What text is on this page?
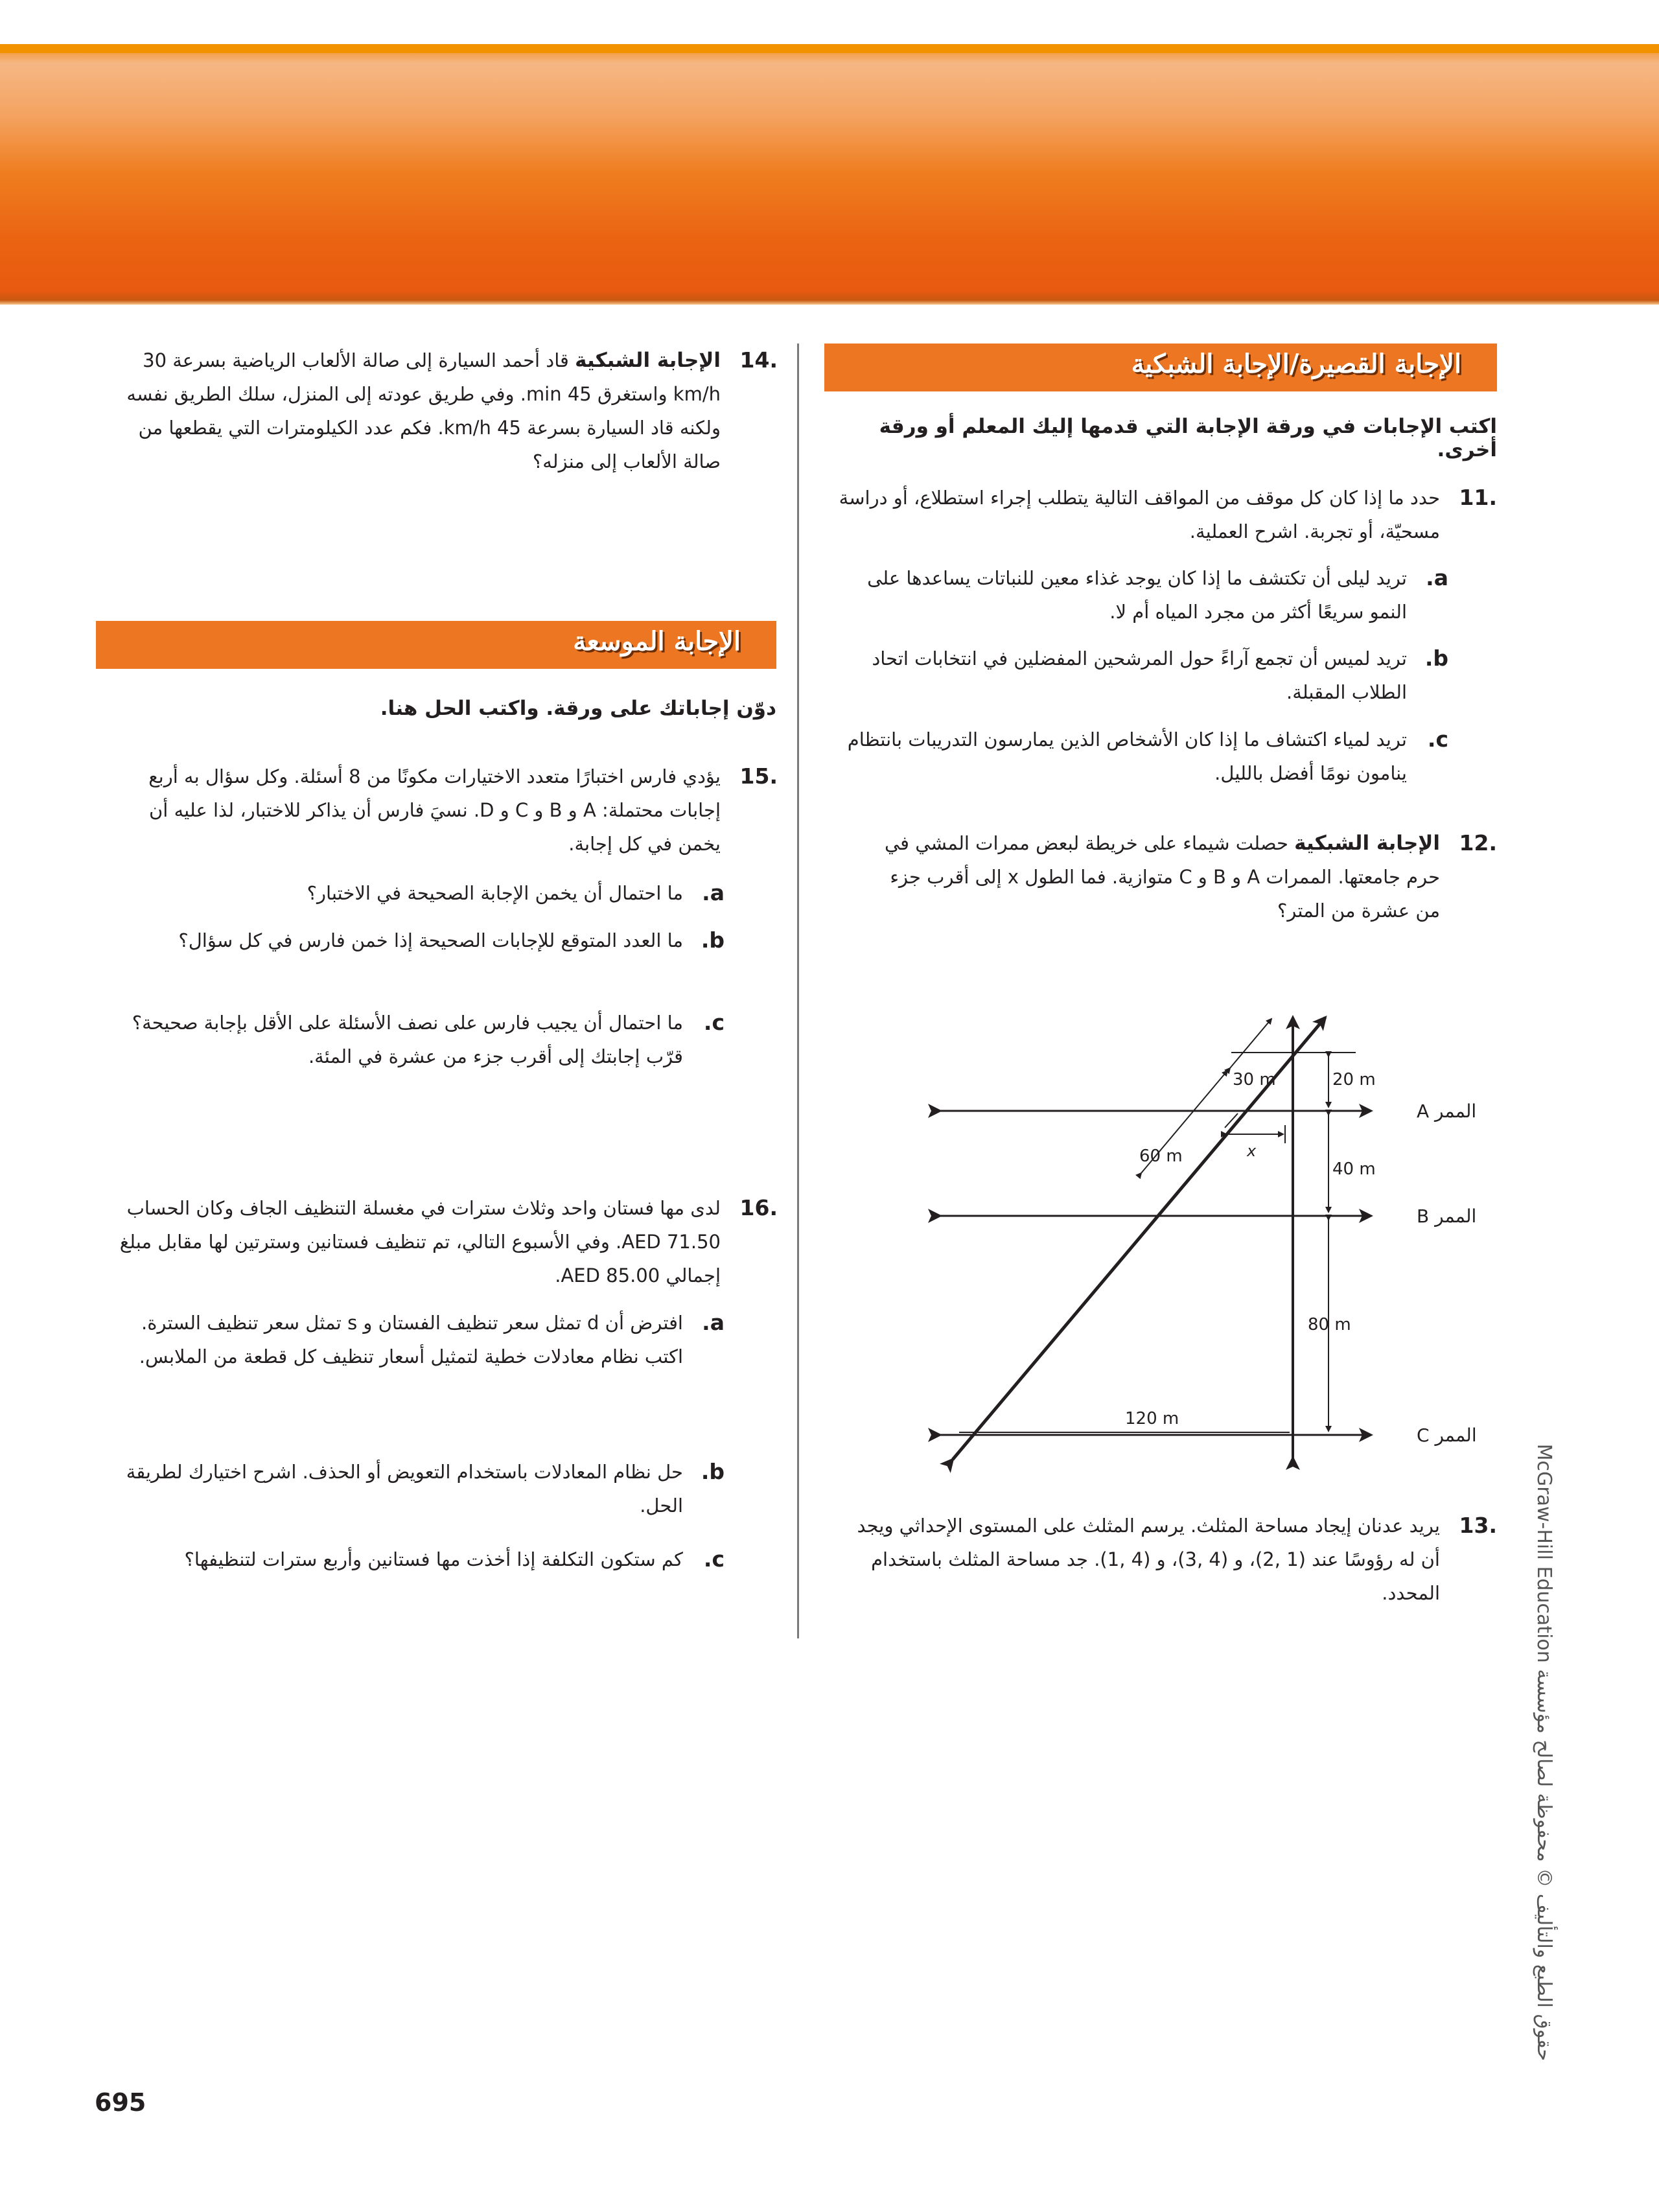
الإجابة القصيرة/الإجابة الشبكية
اكتب الإجابات في ورقة الإجابة التي قدمها إليك المعلم أو ورقة أخرى.
11.
حدد ما إذا كان كل موقف من المواقف التالية يتطلب إجراء استطلاع، أو دراسة مسحيّة، أو تجربة. اشرح العملية.
a.
تريد ليلى أن تكتشف ما إذا كان يوجد غذاء معين للنباتات يساعدها على النمو سريعًا أكثر من مجرد المياه أم لا.
b.
تريد لميس أن تجمع آراءً حول المرشحين المفضلين في انتخابات اتحاد الطلاب المقبلة.
c.
تريد لمياء اكتشاف ما إذا كان الأشخاص الذين يمارسون التدريبات بانتظام ينامون نومًا أفضل بالليل.
12.
الإجابة الشبكية حصلت شيماء على خريطة لبعض ممرات المشي في حرم جامعتها. الممرات A و B و C متوازية. فما الطول x إلى أقرب جزء من عشرة من المتر؟
30 m	20 m
60 m	x
40 m
80 m
120 m
الممر A
الممر B
الممر C
13.
يريد عدنان إيجاد مساحة المثلث. يرسم المثلث على المستوى الإحداثي ويجد أن له رؤوسًا عند (1 ,2)، و (4 ,3)، و (4 ,1). جد مساحة المثلث باستخدام المحدد.
14.
الإجابة الشبكية قاد أحمد السيارة إلى صالة الألعاب الرياضية بسرعة 30 km/h واستغرق 45 min. وفي طريق عودته إلى المنزل، سلك الطريق نفسه ولكنه قاد السيارة بسرعة 45 km/h. فكم عدد الكيلومترات التي يقطعها من صالة الألعاب إلى منزله؟
الإجابة الموسعة
دوّن إجاباتك على ورقة. واكتب الحل هنا.
15.
يؤدي فارس اختبارًا متعدد الاختيارات مكونًا من 8 أسئلة. وكل سؤال به أربع إجابات محتملة: A و B و C و D. نسيَ فارس أن يذاكر للاختبار، لذا عليه أن يخمن في كل إجابة.
a.
ما احتمال أن يخمن الإجابة الصحيحة في الاختبار؟
b.
ما العدد المتوقع للإجابات الصحيحة إذا خمن فارس في كل سؤال؟
c.
ما احتمال أن يجيب فارس على نصف الأسئلة على الأقل بإجابة صحيحة؟ قرّب إجابتك إلى أقرب جزء من عشرة في المئة.
16.
لدى مها فستان واحد وثلاث سترات في مغسلة التنظيف الجاف وكان الحساب AED 71.50. وفي الأسبوع التالي، تم تنظيف فستانين وسترتين لها مقابل مبلغ إجمالي AED 85.00.
a.
افترض أن d تمثل سعر تنظيف الفستان و s تمثل سعر تنظيف السترة. اكتب نظام معادلات خطية لتمثيل أسعار تنظيف كل قطعة من الملابس.
b.
حل نظام المعادلات باستخدام التعويض أو الحذف. اشرح اختيارك لطريقة الحل.
c.
كم ستكون التكلفة إذا أخذت مها فستانين وأربع سترات لتنظيفها؟
695
حقوق الطبع والتأليف © محفوظة لصالح مؤسسة McGraw-Hill Education
